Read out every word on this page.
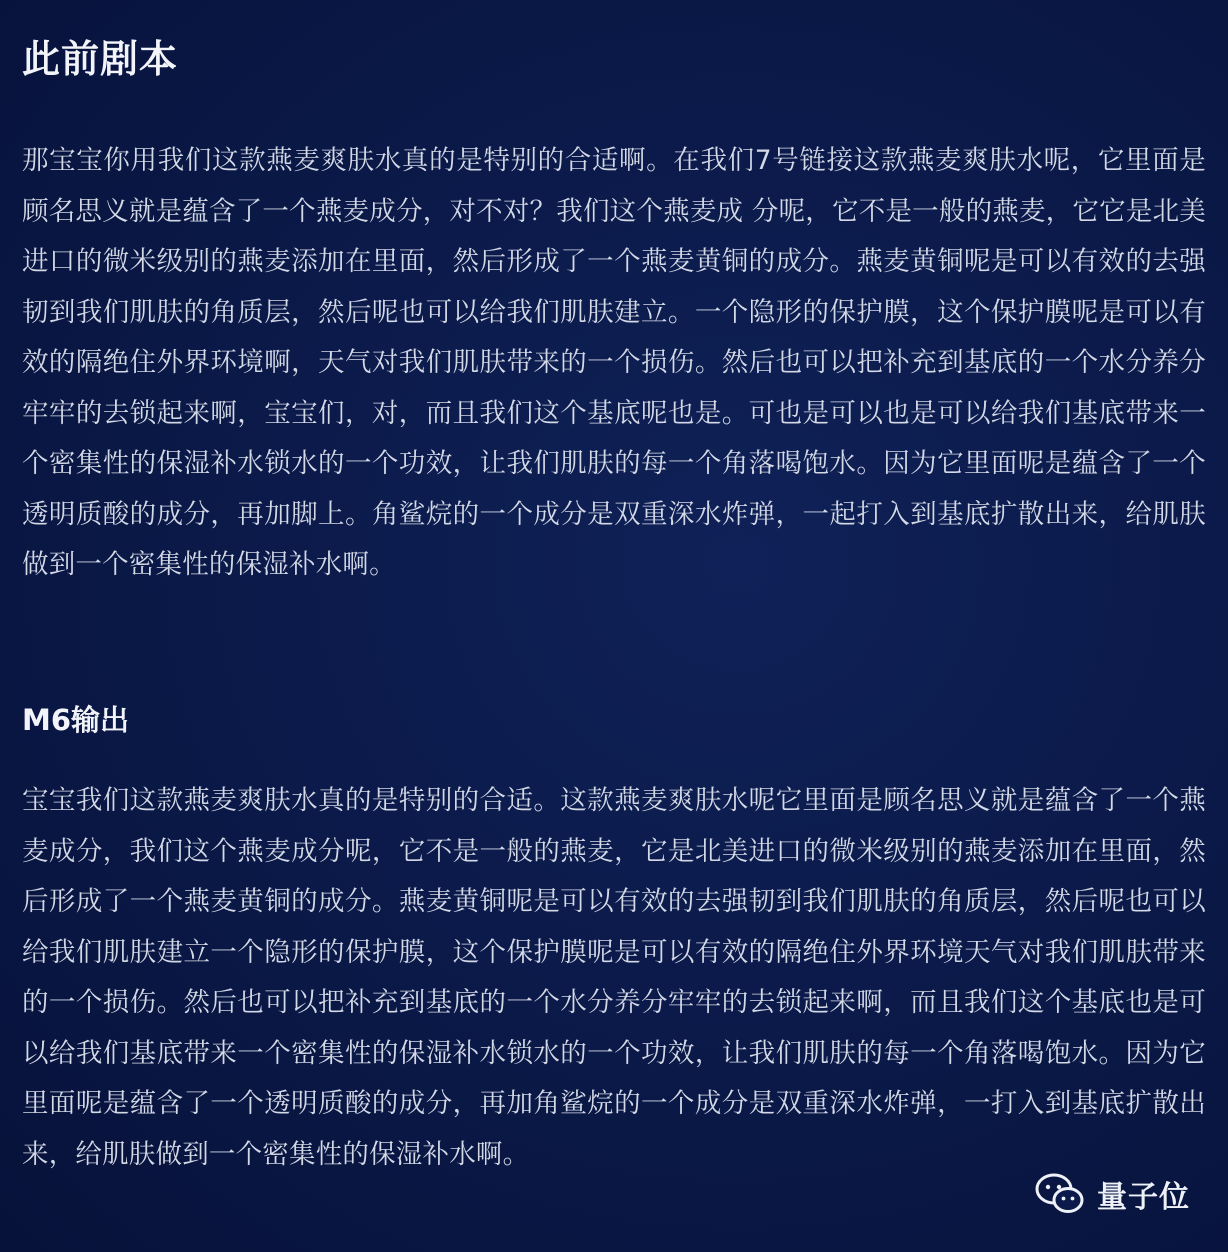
此前剧本

那宝宝你用我们这款燕麦爽肤水真的是特别的合适啊。在我们7号链接这款燕麦爽肤水呢，它里面是顾名思义就是蕴含了一个燕麦成分，对不对？我们这个燕麦成 分呢，它不是一般的燕麦，它它是北美进口的微米级别的燕麦添加在里面，然后形成了一个燕麦黄铜的成分。燕麦黄铜呢是可以有效的去强韧到我们肌肤的角质层，然后呢也可以给我们肌肤建立。一个隐形的保护膜，这个保护膜呢是可以有效的隔绝住外界环境啊，天气对我们肌肤带来的一个损伤。然后也可以把补充到基底的一个水分养分牢牢的去锁起来啊，宝宝们，对，而且我们这个基底呢也是。可也是可以也是可以给我们基底带来一个密集性的保湿补水锁水的一个功效，让我们肌肤的每一个角落喝饱水。因为它里面呢是蕴含了一个透明质酸的成分，再加脚上。角鲨烷的一个成分是双重深水炸弹，一起打入到基底扩散出来，给肌肤做到一个密集性的保湿补水啊。

M6输出

宝宝我们这款燕麦爽肤水真的是特别的合适。这款燕麦爽肤水呢它里面是顾名思义就是蕴含了一个燕麦成分，我们这个燕麦成分呢，它不是一般的燕麦，它是北美进口的微米级别的燕麦添加在里面，然后形成了一个燕麦黄铜的成分。燕麦黄铜呢是可以有效的去强韧到我们肌肤的角质层，然后呢也可以给我们肌肤建立一个隐形的保护膜，这个保护膜呢是可以有效的隔绝住外界环境天气对我们肌肤带来的一个损伤。然后也可以把补充到基底的一个水分养分牢牢的去锁起来啊，而且我们这个基底也是可以给我们基底带来一个密集性的保湿补水锁水的一个功效，让我们肌肤的每一个角落喝饱水。因为它里面呢是蕴含了一个透明质酸的成分，再加角鲨烷的一个成分是双重深水炸弹，一打入到基底扩散出来，给肌肤做到一个密集性的保湿补水啊。

量子位
